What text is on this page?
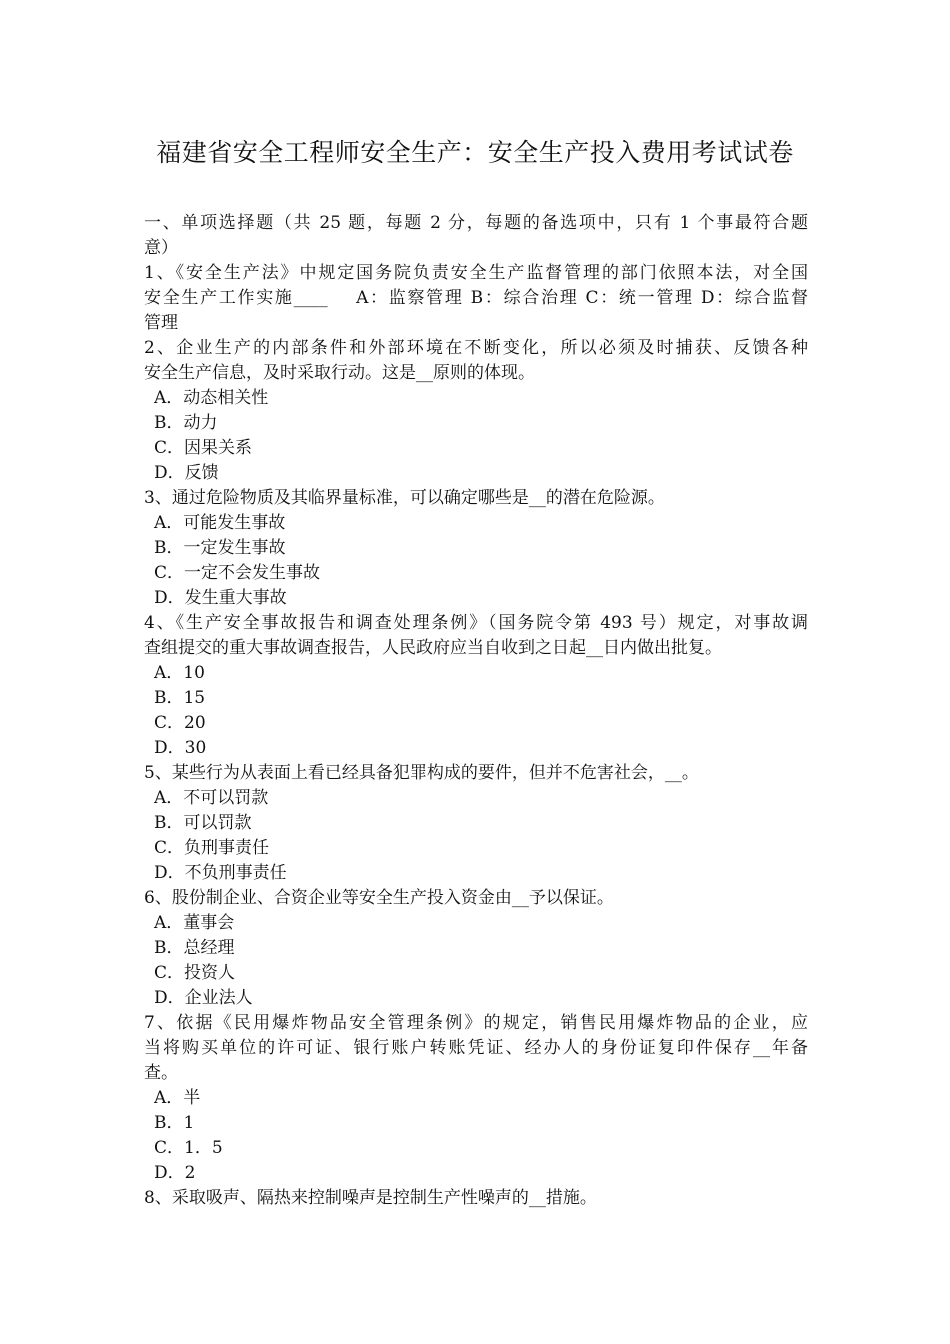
福建省安全工程师安全生产：安全生产投入费用考试试卷
一、单项选择题（共 25 题，每题 2 分，每题的备选项中，只有 1 个事最符合题
意）
1、《安全生产法》中规定国务院负责安全生产监督管理的部门依照本法，对全国
安全生产工作实施____    A：监察管理 B：综合治理 C：统一管理 D：综合监督
管理
2、企业生产的内部条件和外部环境在不断变化，所以必须及时捕获、反馈各种
安全生产信息，及时采取行动。这是__原则的体现。
A．动态相关性
B．动力
C．因果关系
D．反馈
3、通过危险物质及其临界量标准，可以确定哪些是__的潜在危险源。
A．可能发生事故
B．一定发生事故
C．一定不会发生事故
D．发生重大事故
4、《生产安全事故报告和调查处理条例》（国务院令第 493 号）规定，对事故调
查组提交的重大事故调查报告，人民政府应当自收到之日起__日内做出批复。
A．10
B．15
C．20
D．30
5、某些行为从表面上看已经具备犯罪构成的要件，但并不危害社会，__。
A．不可以罚款
B．可以罚款
C．负刑事责任
D．不负刑事责任
6、股份制企业、合资企业等安全生产投入资金由__予以保证。
A．董事会
B．总经理
C．投资人
D．企业法人
7、依据《民用爆炸物品安全管理条例》的规定，销售民用爆炸物品的企业，应
当将购买单位的许可证、银行账户转账凭证、经办人的身份证复印件保存__年备
查。
A．半
B．1
C．1．5
D．2
8、采取吸声、隔热来控制噪声是控制生产性噪声的__措施。
